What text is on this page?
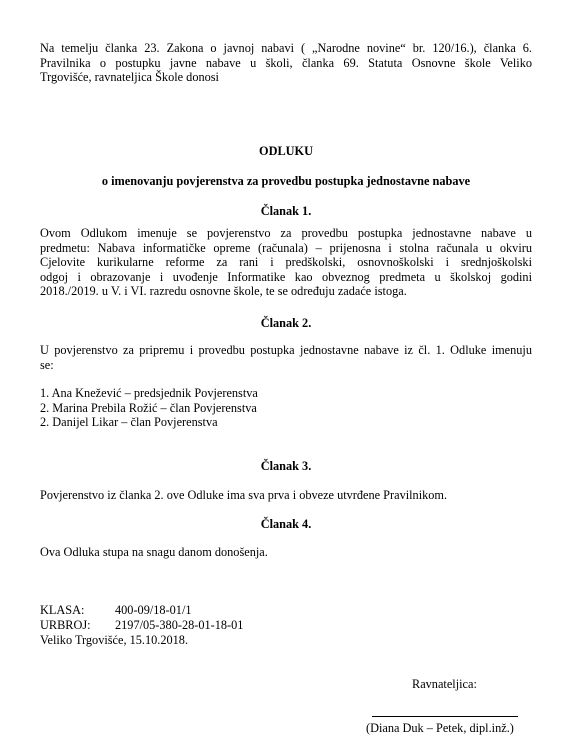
Na temelju članka 23. Zakona o javnoj nabavi ( „Narodne novine“ br. 120/16.), članka 6.
Pravilnika o postupku javne nabave u školi, članka 69. Statuta Osnovne škole Veliko
Trgovišće, ravnateljica Škole donosi
ODLUKU
o imenovanju povjerenstva za provedbu postupka jednostavne nabave
Članak 1.
Ovom Odlukom imenuje se povjerenstvo za provedbu postupka jednostavne nabave u
predmetu: Nabava informatičke opreme (računala) – prijenosna i stolna računala u okviru
Cjelovite kurikularne reforme za rani i predškolski, osnovnoškolski i srednjoškolski
odgoj i obrazovanje i uvođenje Informatike kao obveznog predmeta u školskoj godini
2018./2019. u V. i VI. razredu osnovne škole, te se određuju zadaće istoga.
Članak 2.
U povjerenstvo za pripremu i provedbu postupka jednostavne nabave iz čl. 1. Odluke imenuju
se:
1. Ana Knežević – predsjednik Povjerenstva
2. Marina Prebila Rožić – član Povjerenstva
2. Danijel Likar – član Povjerenstva
Članak 3.
Povjerenstvo iz članka 2. ove Odluke ima sva prva i obveze utvrđene Pravilnikom.
Članak 4.
Ova Odluka stupa na snagu danom donošenja.
KLASA: 400-09/18-01/1
URBROJ: 2197/05-380-28-01-18-01
Veliko Trgovišće, 15.10.2018.
Ravnateljica:
(Diana Duk – Petek, dipl.inž.)
